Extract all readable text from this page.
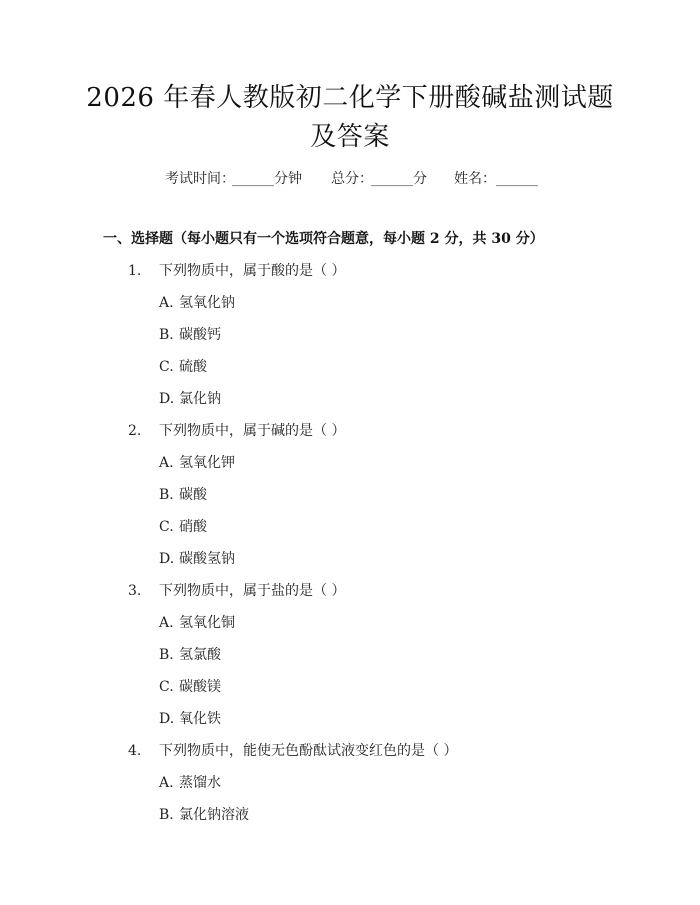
2026 年春人教版初二化学下册酸碱盐测试题
及答案
考试时间：
______ 分钟 总分：
______ 分 姓名： ______
一、选择题（每小题只有一个选项符合题意，每小题 2 分，共 30 分）
1. 下列物质中，属于酸的是（ ）
A. 氢氧化钠
B. 碳酸钙
C. 硫酸
D. 氯化钠
2. 下列物质中，属于碱的是（ ）
A. 氢氧化钾
B. 碳酸
C. 硝酸
D. 碳酸氢钠
3. 下列物质中，属于盐的是（ ）
A. 氢氧化铜
B. 氢氯酸
C. 碳酸镁
D. 氧化铁
4. 下列物质中，能使无色酚酞试液变红色的是（ ）
A. 蒸馏水
B. 氯化钠溶液
